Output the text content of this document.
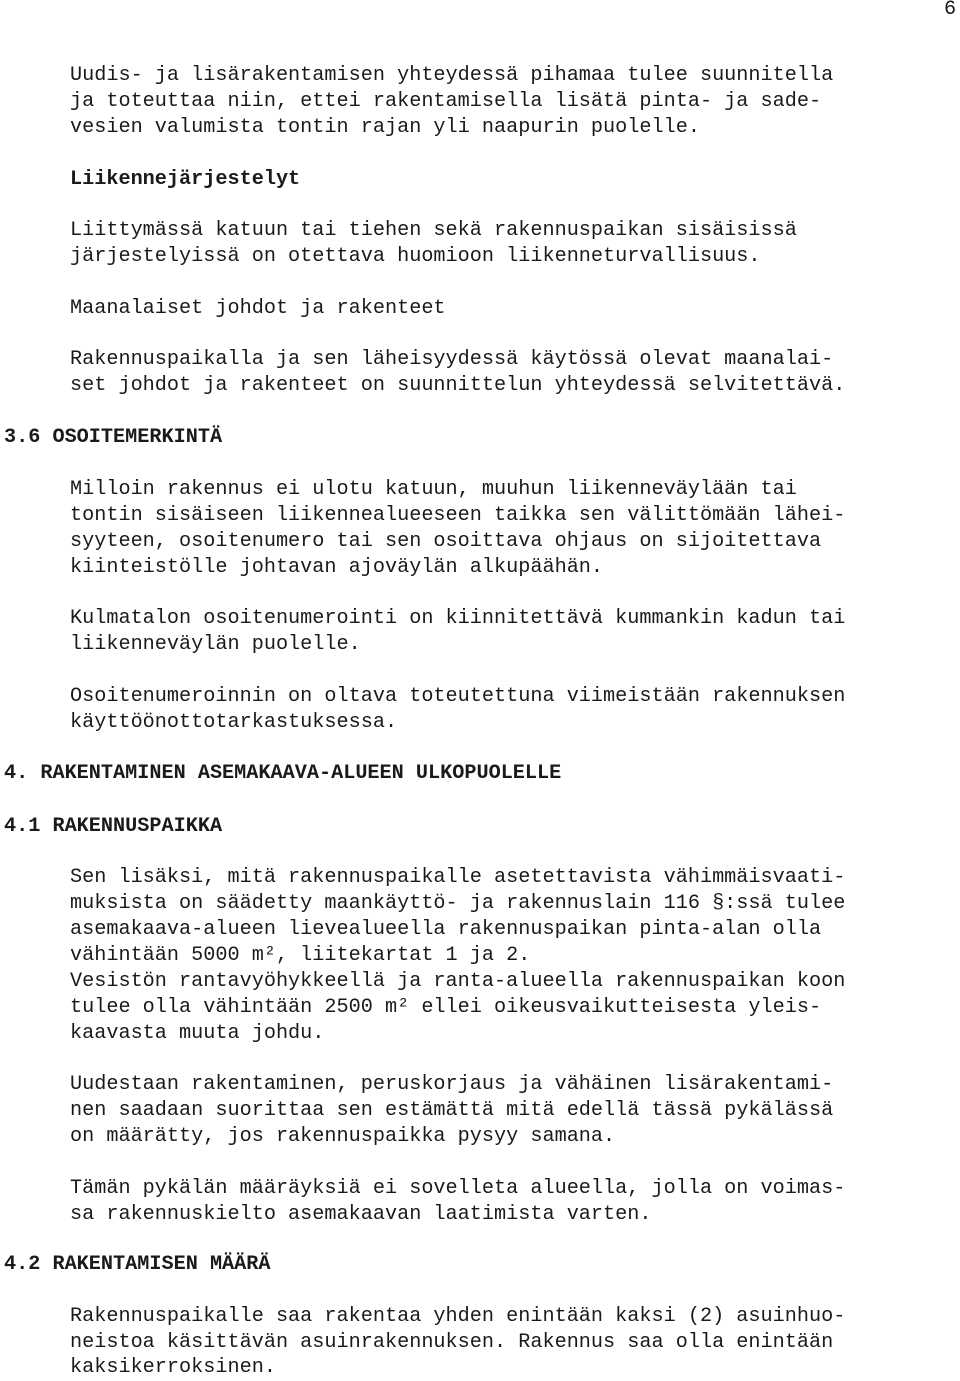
6
Uudis- ja lisärakentamisen yhteydessä pihamaa tulee suunnitella
ja toteuttaa niin, ettei rakentamisella lisätä pinta- ja sade-
vesien valumista tontin rajan yli naapurin puolelle.
Liikennejärjestelyt
Liittymässä katuun tai tiehen sekä rakennuspaikan sisäisissä
järjestelyissä on otettava huomioon liikenneturvallisuus.
Maanalaiset johdot ja rakenteet
Rakennuspaikalla ja sen läheisyydessä käytössä olevat maanalai-
set johdot ja rakenteet on suunnittelun yhteydessä selvitettävä.
3.6 OSOITEMERKINTÄ
Milloin rakennus ei ulotu katuun, muuhun liikenneväylään tai
tontin sisäiseen liikennealueeseen taikka sen välittömään lähei-
syyteen, osoitenumero tai sen osoittava ohjaus on sijoitettava
kiinteistölle johtavan ajoväylän alkupäähän.
Kulmatalon osoitenumerointi on kiinnitettävä kummankin kadun tai
liikenneväylän puolelle.
Osoitenumeroinnin on oltava toteutettuna viimeistään rakennuksen
käyttöönottotarkastuksessa.
4. RAKENTAMINEN ASEMAKAAVA-ALUEEN ULKOPUOLELLE
4.1 RAKENNUSPAIKKA
Sen lisäksi, mitä rakennuspaikalle asetettavista vähimmäisvaati-
muksista on säädetty maankäyttö- ja rakennuslain 116 §:ssä tulee
asemakaava-alueen lievealueella rakennuspaikan pinta-alan olla
vähintään 5000 m², liitekartat 1 ja 2.
Vesistön rantavyöhykkeellä ja ranta-alueella rakennuspaikan koon
tulee olla vähintään 2500 m² ellei oikeusvaikutteisesta yleis-
kaavasta muuta johdu.
Uudestaan rakentaminen, peruskorjaus ja vähäinen lisärakentami-
nen saadaan suorittaa sen estämättä mitä edellä tässä pykälässä
on määrätty, jos rakennuspaikka pysyy samana.
Tämän pykälän määräyksiä ei sovelleta alueella, jolla on voimas-
sa rakennuskielto asemakaavan laatimista varten.
4.2 RAKENTAMISEN MÄÄRÄ
Rakennuspaikalle saa rakentaa yhden enintään kaksi (2) asuinhuo-
neistoa käsittävän asuinrakennuksen. Rakennus saa olla enintään
kaksikerroksinen.
